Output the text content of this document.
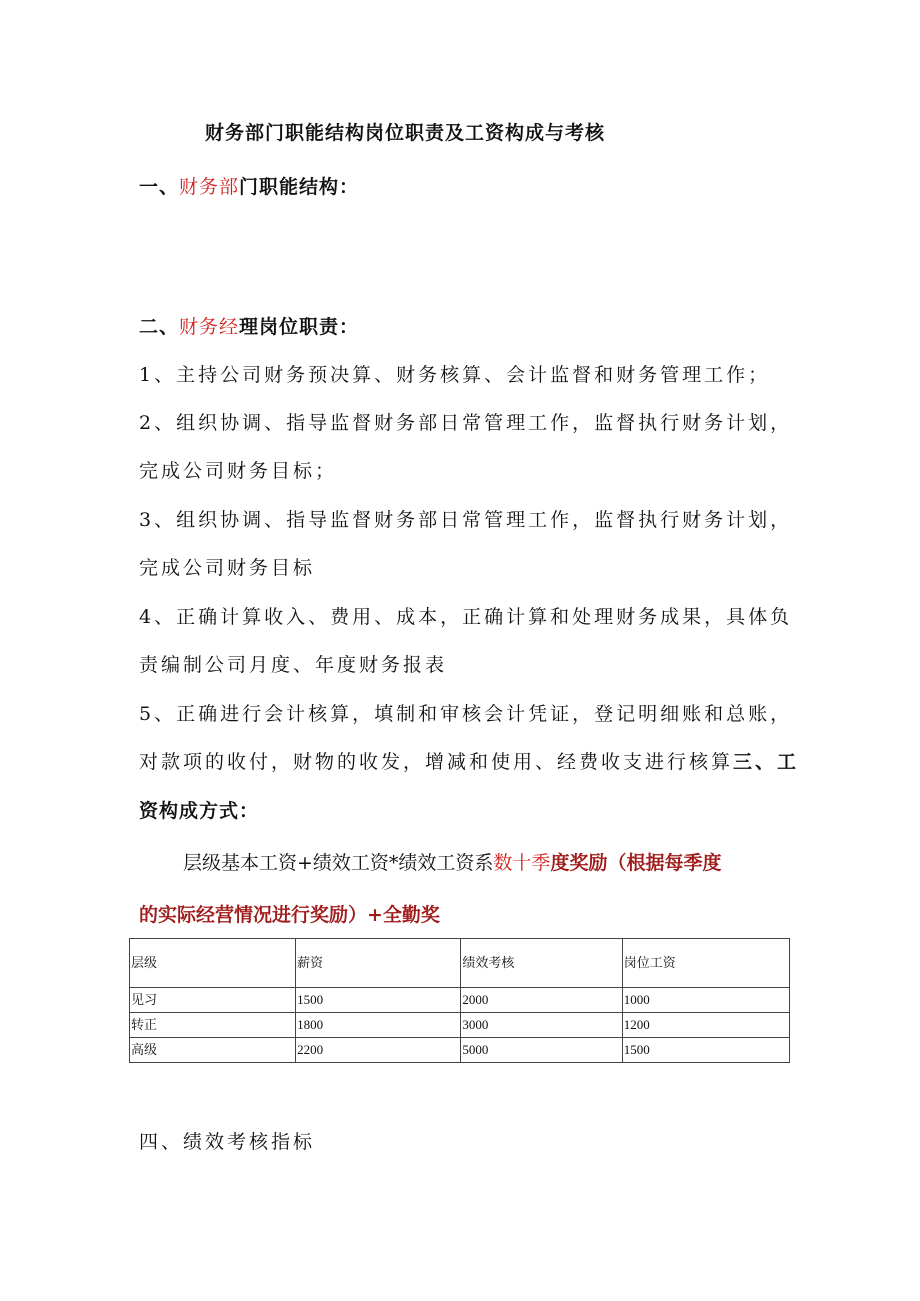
财务部门职能结构岗位职责及工资构成与考核
一、财务部门职能结构：
二、财务经理岗位职责：
1、主持公司财务预决算、财务核算、会计监督和财务管理工作；
2、组织协调、指导监督财务部日常管理工作，监督执行财务计划，
完成公司财务目标；
3、组织协调、指导监督财务部日常管理工作，监督执行财务计划，
完成公司财务目标
4、正确计算收入、费用、成本，正确计算和处理财务成果，具体负
责编制公司月度、年度财务报表
5、正确进行会计核算，填制和审核会计凭证，登记明细账和总账，
对款项的收付，财物的收发，增减和使用、经费收支进行核算三、工
资构成方式：
层级基本工资+绩效工资*绩效工资系数十季度奖励（根据每季度
的实际经营情况进行奖励）+全勤奖
层级	薪资	绩效考核	岗位工资
见习	1500	2000	1000
转正	1800	3000	1200
高级	2200	5000	1500
四、绩效考核指标
